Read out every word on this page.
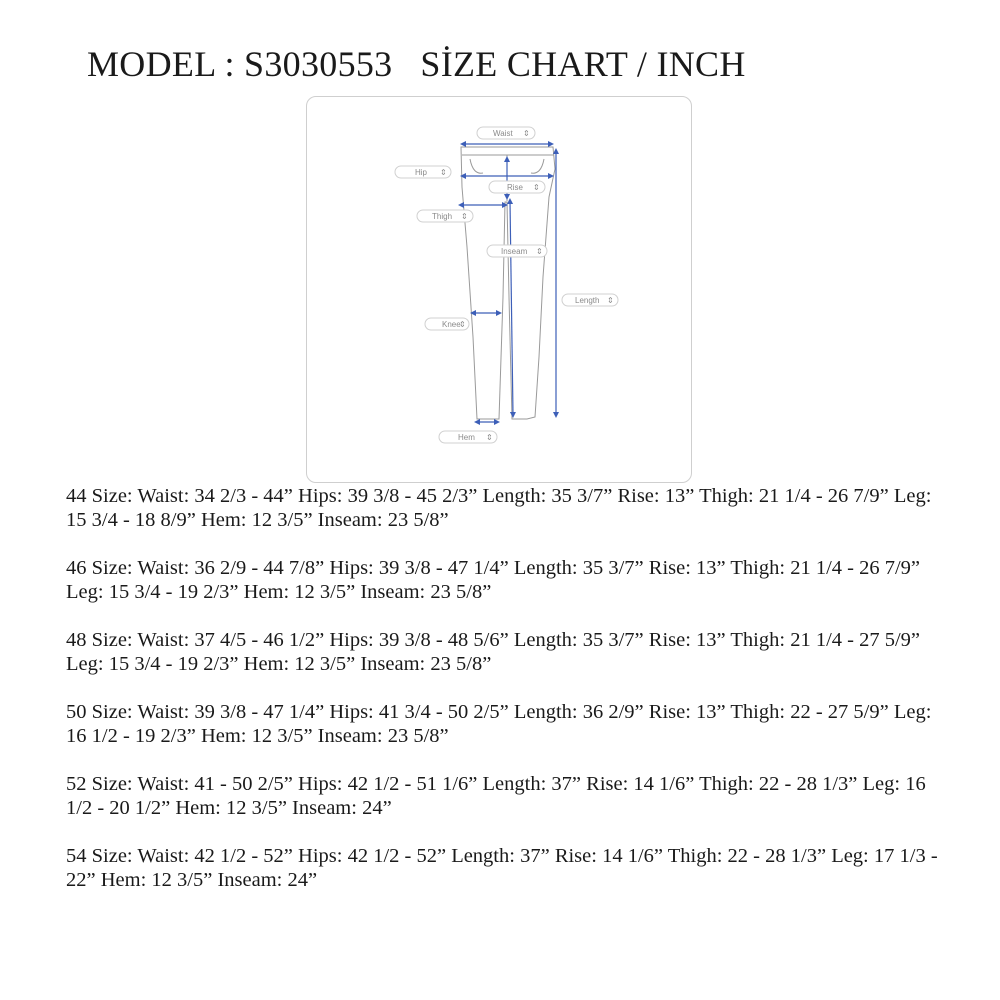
MODEL : S3030553   SİZE CHART / INCH
Waist ⇕
Hip ⇕
Rise ⇕
Thigh ⇕
Inseam ⇕
Length ⇕
Knee
⇕
Hem ⇕

44 Size: Waist: 34 2/3 - 44” Hips: 39 3/8 - 45 2/3” Length: 35 3/7” Rise: 13” Thigh: 21 1/4 - 26 7/9” Leg: 15 3/4 - 18 8/9” Hem: 12 3/5” Inseam: 23 5/8”

46 Size: Waist: 36 2/9 - 44 7/8” Hips: 39 3/8 - 47 1/4” Length: 35 3/7” Rise: 13” Thigh: 21 1/4 - 26 7/9” Leg: 15 3/4 - 19 2/3” Hem: 12 3/5” Inseam: 23 5/8”

48 Size: Waist: 37 4/5 - 46 1/2” Hips: 39 3/8 - 48 5/6” Length: 35 3/7” Rise: 13” Thigh: 21 1/4 - 27 5/9” Leg: 15 3/4 - 19 2/3” Hem: 12 3/5” Inseam: 23 5/8”

50 Size: Waist: 39 3/8 - 47 1/4” Hips: 41 3/4 - 50 2/5” Length: 36 2/9” Rise: 13” Thigh: 22 - 27 5/9” Leg: 16 1/2 - 19 2/3” Hem: 12 3/5” Inseam: 23 5/8”

52 Size: Waist: 41 - 50 2/5” Hips: 42 1/2 - 51 1/6” Length: 37” Rise: 14 1/6” Thigh: 22 - 28 1/3” Leg: 16 1/2 - 20 1/2” Hem: 12 3/5” Inseam: 24”

54 Size: Waist: 42 1/2 - 52” Hips: 42 1/2 - 52” Length: 37” Rise: 14 1/6” Thigh: 22 - 28 1/3” Leg: 17 1/3 - 22” Hem: 12 3/5” Inseam: 24”
